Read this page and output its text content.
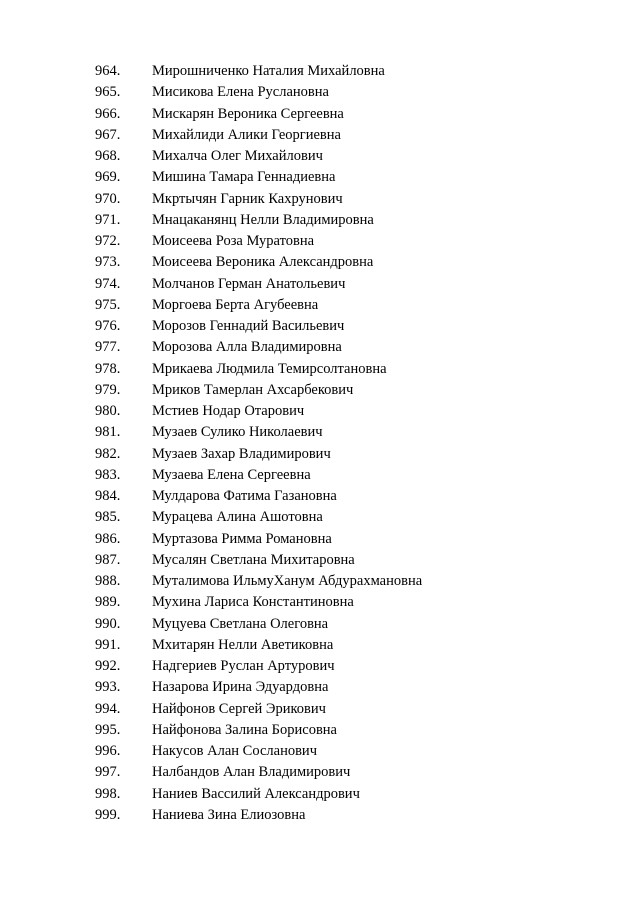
964. Мирошниченко Наталия Михайловна
965. Мисикова Елена Руслановна
966. Мискарян Вероника Сергеевна
967. Михайлиди Алики Георгиевна
968. Михалча Олег Михайлович
969. Мишина Тамара Геннадиевна
970. Мкртычян Гарник Кахрунович
971. Мнацаканянц Нелли Владимировна
972. Моисеева Роза Муратовна
973. Моисеева Вероника Александровна
974. Молчанов Герман Анатольевич
975. Моргоева Берта Агубеевна
976. Морозов Геннадий Васильевич
977. Морозова Алла Владимировна
978. Мрикаева Людмила Темирсолтановна
979. Мриков Тамерлан Ахсарбекович
980. Мстиев Нодар Отарович
981. Музаев Сулико Николаевич
982. Музаев Захар Владимирович
983. Музаева Елена Сергеевна
984. Мулдарова Фатима Газановна
985. Мурацева Алина Ашотовна
986. Муртазова Римма Романовна
987. Мусалян Светлана Михитаровна
988. Муталимова ИльмуХанум Абдурахмановна
989. Мухина Лариса Константиновна
990. Муцуева Светлана Олеговна
991. Мхитарян Нелли Аветиковна
992. Надгериев Руслан Артурович
993. Назарова Ирина Эдуардовна
994. Найфонов Сергей Эрикович
995. Найфонова Залина Борисовна
996. Накусов Алан Сосланович
997. Налбандов Алан Владимирович
998. Наниев Вассилий Александрович
999. Наниева Зина Елиозовна
